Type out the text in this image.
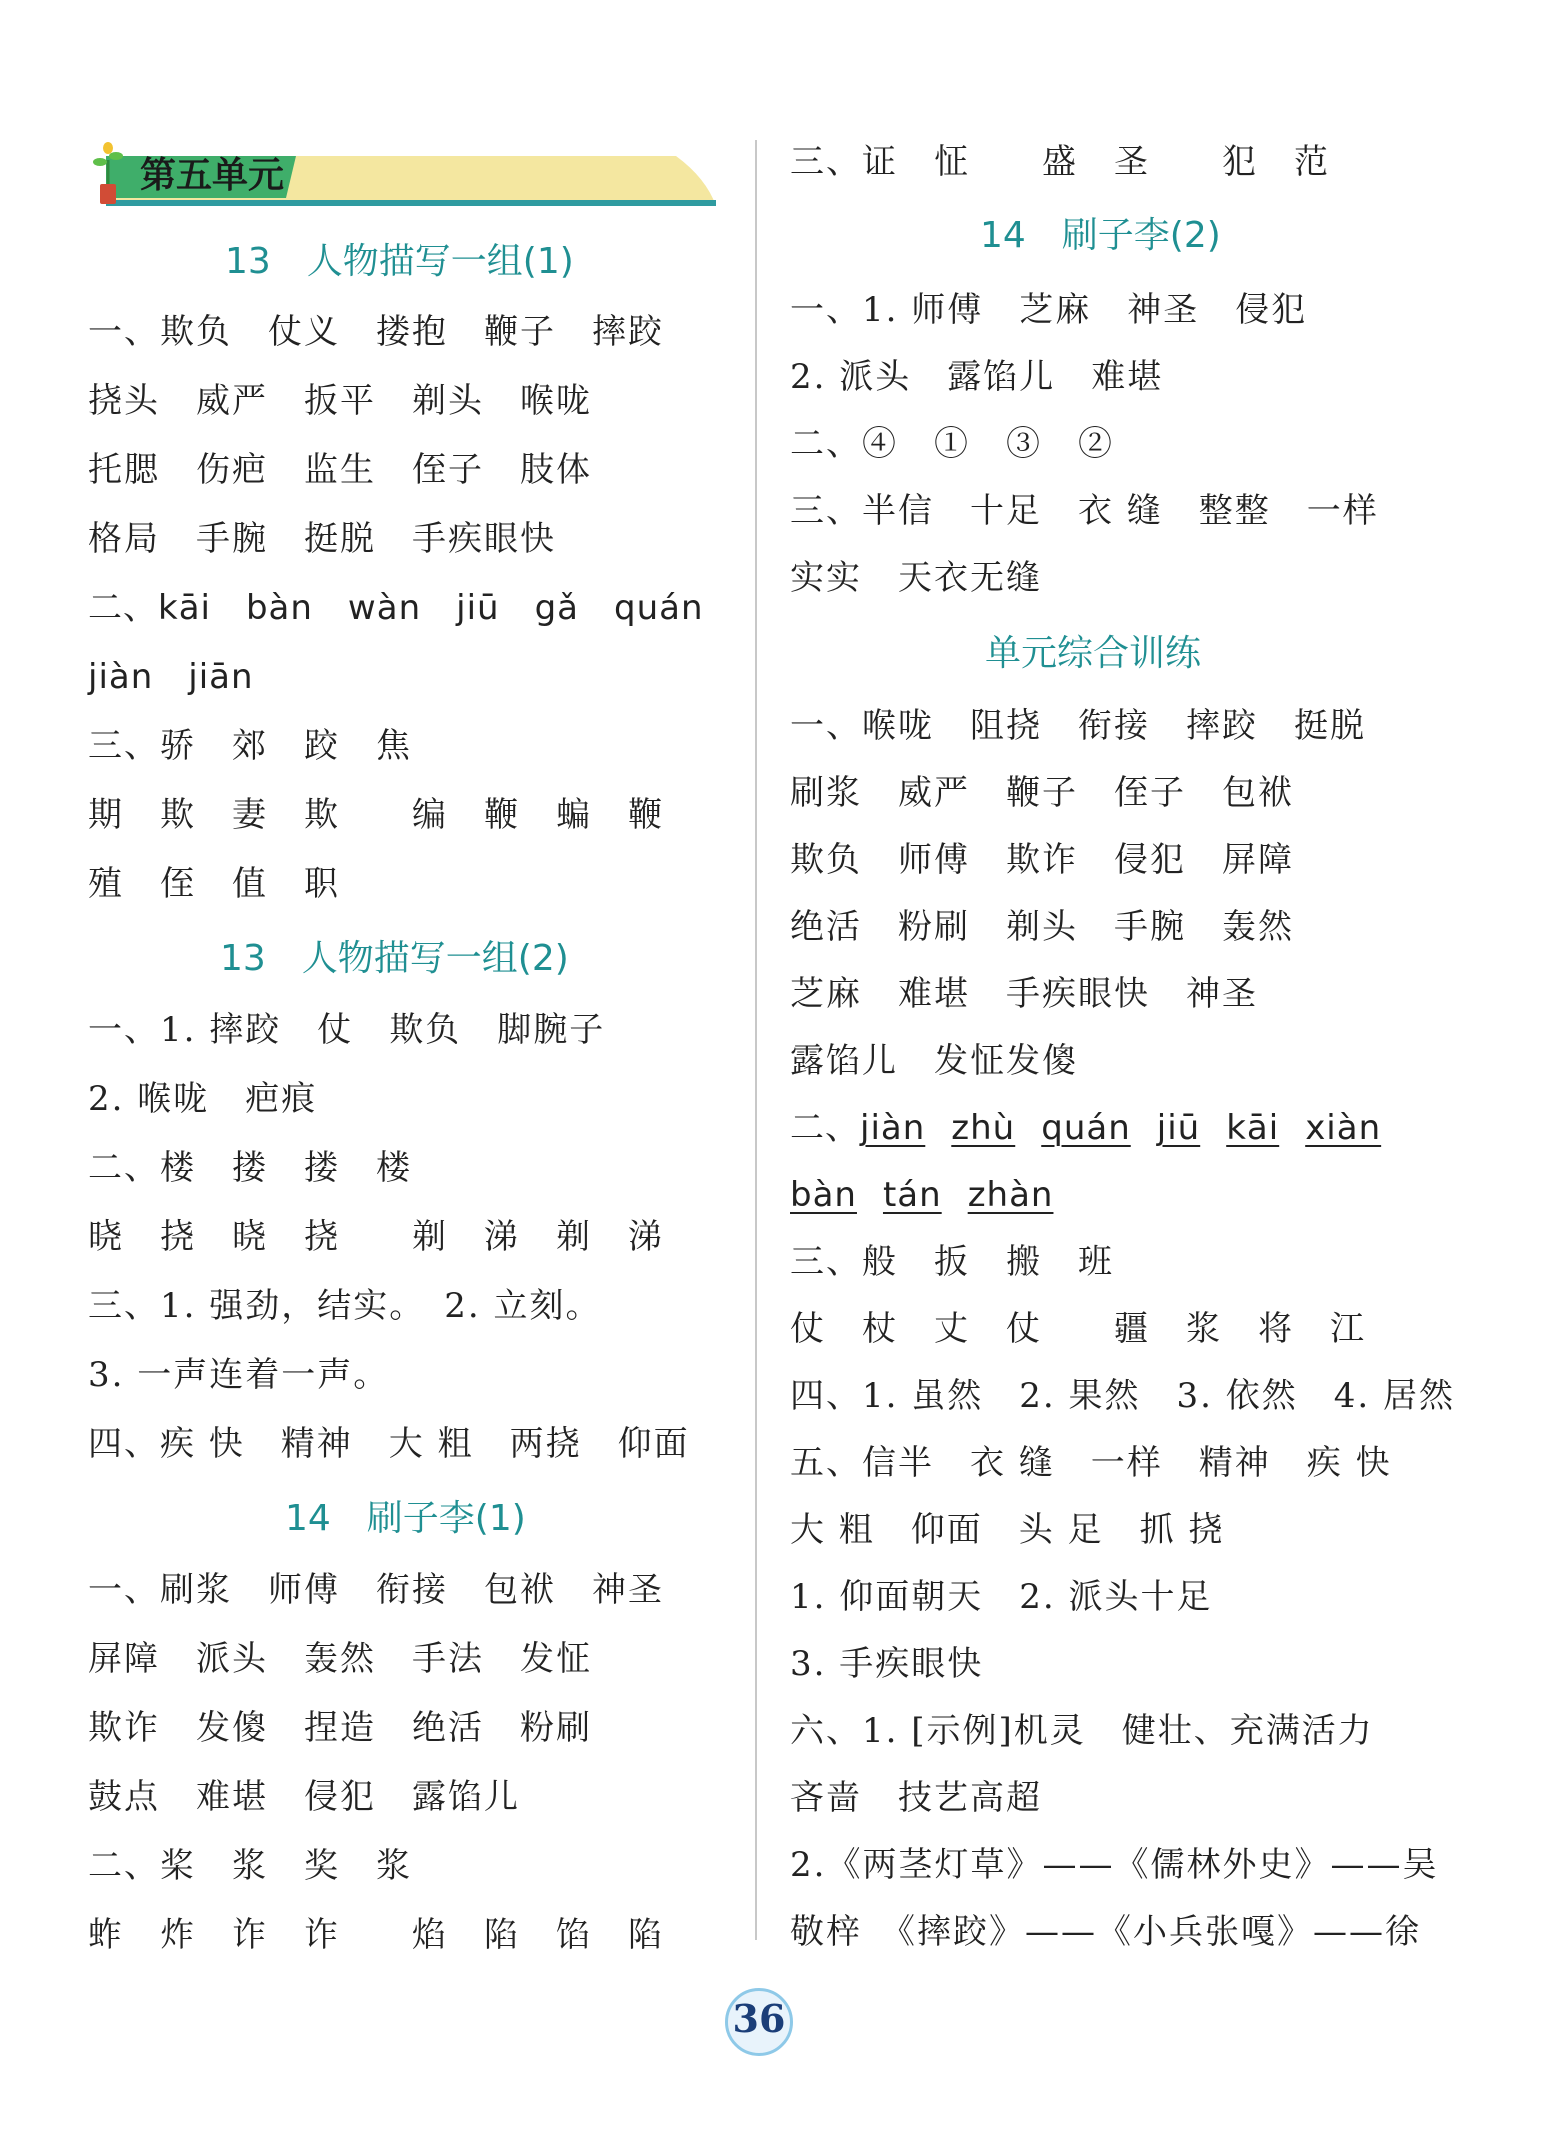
第五单元
13　人物描写一组(1)
一、欺负　仗义　搂抱　鞭子　摔跤
挠头　威严　扳平　剃头　喉咙
托腮　伤疤　监生　侄子　肢体
格局　手腕　挺脱　手疾眼快
二、kāi　bàn　wàn　jiū　gǎ　quán
jiàn　jiān
三、骄　郊　跤　焦
期　欺　妻　欺　　编　鞭　蝙　鞭
殖　侄　值　职
13　人物描写一组(2)
一、1. 摔跤　仗　欺负　脚腕子
2. 喉咙　疤痕
二、楼　搂　搂　楼
晓　挠　晓　挠　　剃　涕　剃　涕
三、1. 强劲，结实。　2. 立刻。
3. 一声连着一声。
四、疾 快　精神　大 粗　两挠　仰面
14　刷子李(1)
一、刷浆　师傅　衔接　包袱　神圣
屏障　派头　轰然　手法　发怔
欺诈　发傻　捏造　绝活　粉刷
鼓点　难堪　侵犯　露馅儿
二、桨　浆　奖　浆
蚱　炸　诈　诈　　焰　陷　馅　陷
三、证　怔　　盛　圣　　犯　范
14　刷子李(2)
一、1. 师傅　芝麻　神圣　侵犯
2. 派头　露馅儿　难堪
二、④　①　③　②
三、半信　十足　衣 缝　整整　一样
实实　天衣无缝
单元综合训练
一、喉咙　阻挠　衔接　摔跤　挺脱
刷浆　威严　鞭子　侄子　包袱
欺负　师傅　欺诈　侵犯　屏障
绝活　粉刷　剃头　手腕　轰然
芝麻　难堪　手疾眼快　神圣
露馅儿　发怔发傻
二、jiàn zhù quán jiū kāi xiàn
bàn tán zhàn
三、般　扳　搬　班
仗　杖　丈　仗　　疆　浆　将　江
四、1. 虽然　2. 果然　3. 依然　4. 居然
五、信半　衣 缝　一样　精神　疾 快
大 粗　仰面　头 足　抓 挠
1. 仰面朝天　2. 派头十足
3. 手疾眼快
六、1. [示例]机灵　健壮、充满活力
吝啬　技艺高超
2.《两茎灯草》——《儒林外史》——吴
敬梓　《摔跤》——《小兵张嘎》——徐
36
